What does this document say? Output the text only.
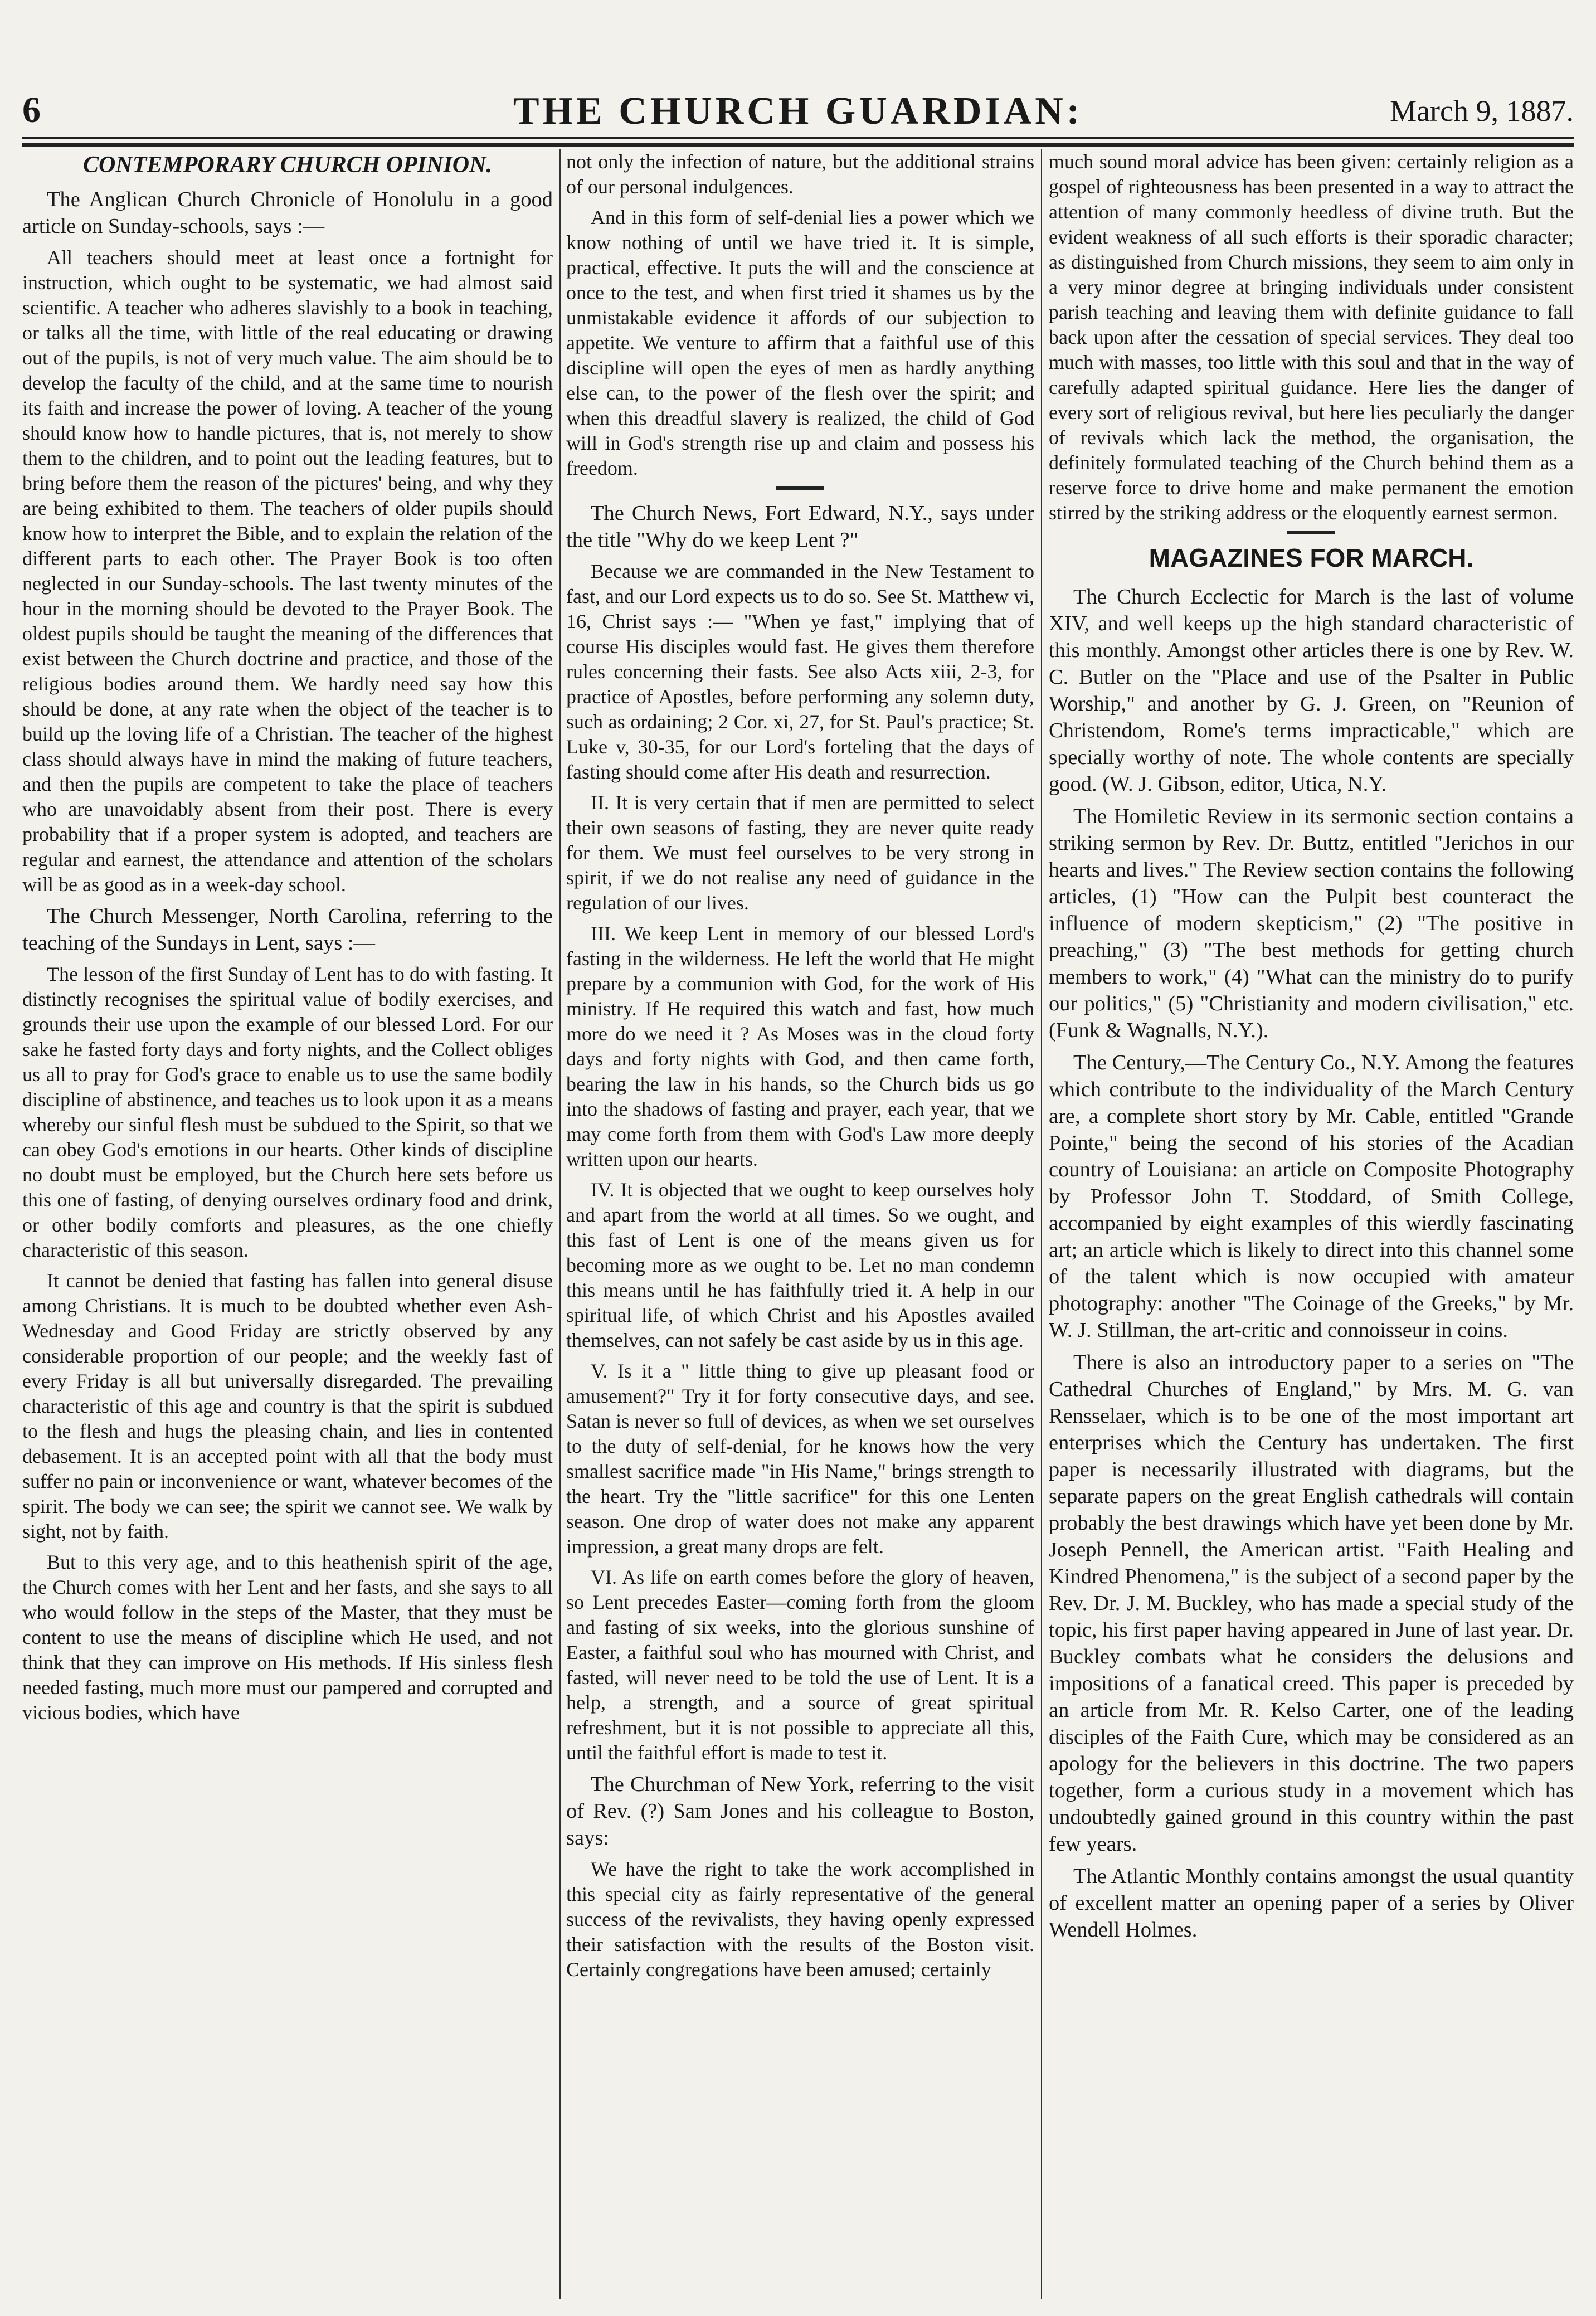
6	THE CHURCH GUARDIAN:	March 9, 1887.
CONTEMPORARY CHURCH OPINION.

The Anglican Church Chronicle of Honolulu in a good article on Sunday-schools, says :—

All teachers should meet at least once a fortnight for instruction, which ought to be systematic, we had almost said scientific. A teacher who adheres slavishly to a book in teaching, or talks all the time, with little of the real educating or drawing out of the pupils, is not of very much value. The aim should be to develop the faculty of the child, and at the same time to nourish its faith and increase the power of loving. A teacher of the young should know how to handle pictures, that is, not merely to show them to the children, and to point out the leading features, but to bring before them the reason of the pictures' being, and why they are being exhibited to them. The teachers of older pupils should know how to interpret the Bible, and to explain the relation of the different parts to each other. The Prayer Book is too often neglected in our Sunday-schools. The last twenty minutes of the hour in the morning should be devoted to the Prayer Book. The oldest pupils should be taught the meaning of the differences that exist between the Church doctrine and practice, and those of the religious bodies around them. We hardly need say how this should be done, at any rate when the object of the teacher is to build up the loving life of a Christian. The teacher of the highest class should always have in mind the making of future teachers, and then the pupils are competent to take the place of teachers who are unavoidably absent from their post. There is every probability that if a proper system is adopted, and teachers are regular and earnest, the attendance and attention of the scholars will be as good as in a week-day school.

The Church Messenger, North Carolina, referring to the teaching of the Sundays in Lent, says :—

The lesson of the first Sunday of Lent has to do with fasting. It distinctly recognises the spiritual value of bodily exercises, and grounds their use upon the example of our blessed Lord. For our sake he fasted forty days and forty nights, and the Collect obliges us all to pray for God's grace to enable us to use the same bodily discipline of abstinence, and teaches us to look upon it as a means whereby our sinful flesh must be subdued to the Spirit, so that we can obey God's emotions in our hearts. Other kinds of discipline no doubt must be employed, but the Church here sets before us this one of fasting, of denying ourselves ordinary food and drink, or other bodily comforts and pleasures, as the one chiefly characteristic of this season.

It cannot be denied that fasting has fallen into general disuse among Christians. It is much to be doubted whether even Ash-Wednesday and Good Friday are strictly observed by any considerable proportion of our people; and the weekly fast of every Friday is all but universally disregarded. The prevailing characteristic of this age and country is that the spirit is subdued to the flesh and hugs the pleasing chain, and lies in contented debasement. It is an accepted point with all that the body must suffer no pain or inconvenience or want, whatever becomes of the spirit. The body we can see; the spirit we cannot see. We walk by sight, not by faith.

But to this very age, and to this heathenish spirit of the age, the Church comes with her Lent and her fasts, and she says to all who would follow in the steps of the Master, that they must be content to use the means of discipline which He used, and not think that they can improve on His methods. If His sinless flesh needed fasting, much more must our pampered and corrupted and vicious bodies, which have

not only the infection of nature, but the additional strains of our personal indulgences.

And in this form of self-denial lies a power which we know nothing of until we have tried it. It is simple, practical, effective. It puts the will and the conscience at once to the test, and when first tried it shames us by the unmistakable evidence it affords of our subjection to appetite. We venture to affirm that a faithful use of this discipline will open the eyes of men as hardly anything else can, to the power of the flesh over the spirit; and when this dreadful slavery is realized, the child of God will in God's strength rise up and claim and possess his freedom.

The Church News, Fort Edward, N.Y., says under the title "Why do we keep Lent ?"

Because we are commanded in the New Testament to fast, and our Lord expects us to do so. See St. Matthew vi, 16, Christ says :— "When ye fast," implying that of course His disciples would fast. He gives them therefore rules concerning their fasts. See also Acts xiii, 2-3, for practice of Apostles, before performing any solemn duty, such as ordaining; 2 Cor. xi, 27, for St. Paul's practice; St. Luke v, 30-35, for our Lord's forteling that the days of fasting should come after His death and resurrection.

II. It is very certain that if men are permitted to select their own seasons of fasting, they are never quite ready for them. We must feel ourselves to be very strong in spirit, if we do not realise any need of guidance in the regulation of our lives.

III. We keep Lent in memory of our blessed Lord's fasting in the wilderness. He left the world that He might prepare by a communion with God, for the work of His ministry. If He required this watch and fast, how much more do we need it ? As Moses was in the cloud forty days and forty nights with God, and then came forth, bearing the law in his hands, so the Church bids us go into the shadows of fasting and prayer, each year, that we may come forth from them with God's Law more deeply written upon our hearts.

IV. It is objected that we ought to keep ourselves holy and apart from the world at all times. So we ought, and this fast of Lent is one of the means given us for becoming more as we ought to be. Let no man condemn this means until he has faithfully tried it. A help in our spiritual life, of which Christ and his Apostles availed themselves, can not safely be cast aside by us in this age.

V. Is it a " little thing to give up pleasant food or amusement?" Try it for forty consecutive days, and see. Satan is never so full of devices, as when we set ourselves to the duty of self-denial, for he knows how the very smallest sacrifice made "in His Name," brings strength to the heart. Try the "little sacrifice" for this one Lenten season. One drop of water does not make any apparent impression, a great many drops are felt.

VI. As life on earth comes before the glory of heaven, so Lent precedes Easter—coming forth from the gloom and fasting of six weeks, into the glorious sunshine of Easter, a faithful soul who has mourned with Christ, and fasted, will never need to be told the use of Lent. It is a help, a strength, and a source of great spiritual refreshment, but it is not possible to appreciate all this, until the faithful effort is made to test it.

The Churchman of New York, referring to the visit of Rev. (?) Sam Jones and his colleague to Boston, says:

We have the right to take the work accomplished in this special city as fairly representative of the general success of the revivalists, they having openly expressed their satisfaction with the results of the Boston visit. Certainly congregations have been amused; certainly

much sound moral advice has been given: certainly religion as a gospel of righteousness has been presented in a way to attract the attention of many commonly heedless of divine truth. But the evident weakness of all such efforts is their sporadic character; as distinguished from Church missions, they seem to aim only in a very minor degree at bringing individuals under consistent parish teaching and leaving them with definite guidance to fall back upon after the cessation of special services. They deal too much with masses, too little with this soul and that in the way of carefully adapted spiritual guidance. Here lies the danger of every sort of religious revival, but here lies peculiarly the danger of revivals which lack the method, the organisation, the definitely formulated teaching of the Church behind them as a reserve force to drive home and make permanent the emotion stirred by the striking address or the eloquently earnest sermon.

MAGAZINES FOR MARCH.

The Church Ecclectic for March is the last of volume XIV, and well keeps up the high standard characteristic of this monthly. Amongst other articles there is one by Rev. W. C. Butler on the "Place and use of the Psalter in Public Worship," and another by G. J. Green, on "Reunion of Christendom, Rome's terms impracticable," which are specially worthy of note. The whole contents are specially good. (W. J. Gibson, editor, Utica, N.Y.

The Homiletic Review in its sermonic section contains a striking sermon by Rev. Dr. Buttz, entitled "Jerichos in our hearts and lives." The Review section contains the following articles, (1) "How can the Pulpit best counteract the influence of modern skepticism," (2) "The positive in preaching," (3) "The best methods for getting church members to work," (4) "What can the ministry do to purify our politics," (5) "Christianity and modern civilisation," etc. (Funk & Wagnalls, N.Y.).

The Century,—The Century Co., N.Y. Among the features which contribute to the individuality of the March Century are, a complete short story by Mr. Cable, entitled "Grande Pointe," being the second of his stories of the Acadian country of Louisiana: an article on Composite Photography by Professor John T. Stoddard, of Smith College, accompanied by eight examples of this wierdly fascinating art; an article which is likely to direct into this channel some of the talent which is now occupied with amateur photography: another "The Coinage of the Greeks," by Mr. W. J. Stillman, the art-critic and connoisseur in coins.

There is also an introductory paper to a series on "The Cathedral Churches of England," by Mrs. M. G. van Rensselaer, which is to be one of the most important art enterprises which the Century has undertaken. The first paper is necessarily illustrated with diagrams, but the separate papers on the great English cathedrals will contain probably the best drawings which have yet been done by Mr. Joseph Pennell, the American artist. "Faith Healing and Kindred Phenomena," is the subject of a second paper by the Rev. Dr. J. M. Buckley, who has made a special study of the topic, his first paper having appeared in June of last year. Dr. Buckley combats what he considers the delusions and impositions of a fanatical creed. This paper is preceded by an article from Mr. R. Kelso Carter, one of the leading disciples of the Faith Cure, which may be considered as an apology for the believers in this doctrine. The two papers together, form a curious study in a movement which has undoubtedly gained ground in this country within the past few years.

The Atlantic Monthly contains amongst the usual quantity of excellent matter an opening paper of a series by Oliver Wendell Holmes.
